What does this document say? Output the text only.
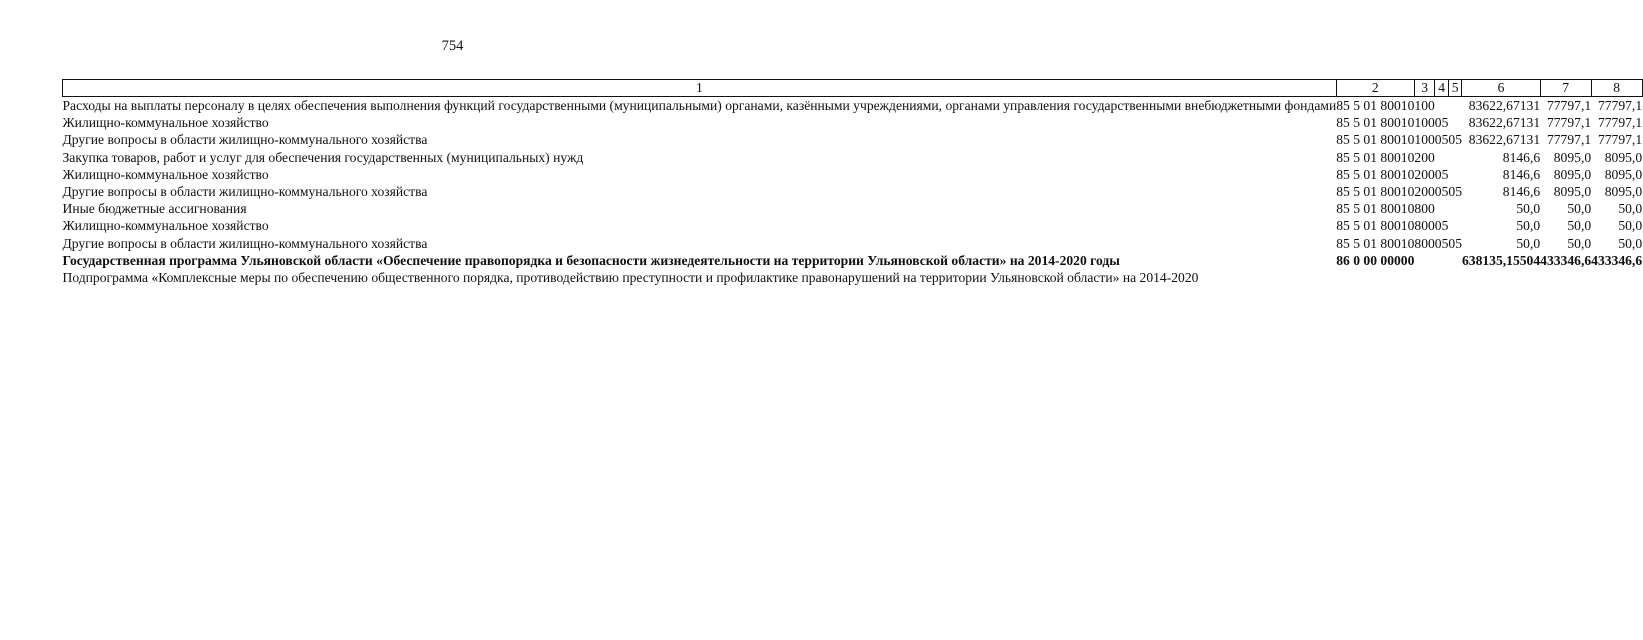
754
1	2	3	4	5	6	7	8
Расходы на выплаты персоналу в целях обеспечения выполнения функций государственными (муниципальными) органами, казёнными учреждениями, органами управления государственными внебюджетными фондами	85 5 01 80010	100			83622,67131	77797,1	77797,1
Жилищно-коммунальное хозяйство	85 5 01 80010	100	05		83622,67131	77797,1	77797,1
Другие вопросы в области жилищно-коммунального хозяйства	85 5 01 80010	100	05	05	83622,67131	77797,1	77797,1
Закупка товаров, работ и услуг для обеспечения государственных (муниципальных) нужд	85 5 01 80010	200			8146,6	8095,0	8095,0
Жилищно-коммунальное хозяйство	85 5 01 80010	200	05		8146,6	8095,0	8095,0
Другие вопросы в области жилищно-коммунального хозяйства	85 5 01 80010	200	05	05	8146,6	8095,0	8095,0
Иные бюджетные ассигнования	85 5 01 80010	800			50,0	50,0	50,0
Жилищно-коммунальное хозяйство	85 5 01 80010	800	05		50,0	50,0	50,0
Другие вопросы в области жилищно-коммунального хозяйства	85 5 01 80010	800	05	05	50,0	50,0	50,0
Государственная программа Ульяновской области «Обеспечение правопорядка и безопасности жизнедеятельности на территории Ульяновской области» на 2014-2020 годы	86 0 00 00000				638135,15504	433346,6	433346,6
Подпрограмма «Комплексные меры по обеспечению общественного порядка, противодействию преступности и профилактике правонарушений на территории Ульяновской области» на 2014-2020							
